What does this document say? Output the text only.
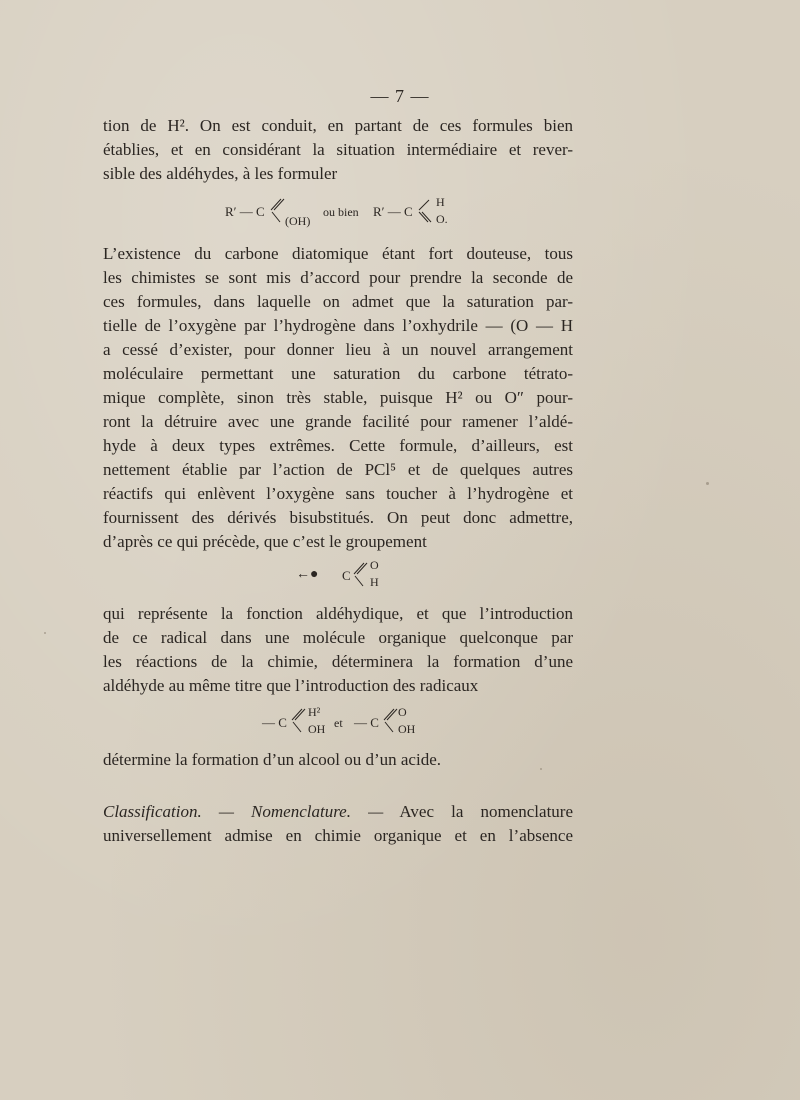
— 7 —
tion de H². On est conduit, en partant de ces formules bien
établies, et en considérant la situation intermédiaire et rever-
sible des aldéhydes, à les formuler
R′ — C
(OH)
ou bien R′ — C
H
O.
L’existence du carbone diatomique étant fort douteuse, tous
les chimistes se sont mis d’accord pour prendre la seconde de
ces formules, dans laquelle on admet que la saturation par-
tielle de l’oxygène par l’hydrogène dans l’oxhydrile — (O — H
a cessé d’exister, pour donner lieu à un nouvel arrangement
moléculaire permettant une saturation du carbone tétrato-
mique complète, sinon très stable, puisque H² ou O″ pour-
ront la détruire avec une grande facilité pour ramener l’aldé-
hyde à deux types extrêmes. Cette formule, d’ailleurs, est
nettement établie par l’action de PCl⁵ et de quelques autres
réactifs qui enlèvent l’oxygène sans toucher à l’hydrogène et
fournissent des dérivés bisubstitués. On peut donc admettre,
d’après ce qui précède, que c’est le groupement
←● C
O
H
qui représente la fonction aldéhydique, et que l’introduction
de ce radical dans une molécule organique quelconque par
les réactions de la chimie, déterminera la formation d’une
aldéhyde au même titre que l’introduction des radicaux
— C
H²
OH et — C
O
OH
détermine la formation d’un alcool ou d’un acide.
Classification. — Nomenclature. — Avec la nomenclature
universellement admise en chimie organique et en l’absence
